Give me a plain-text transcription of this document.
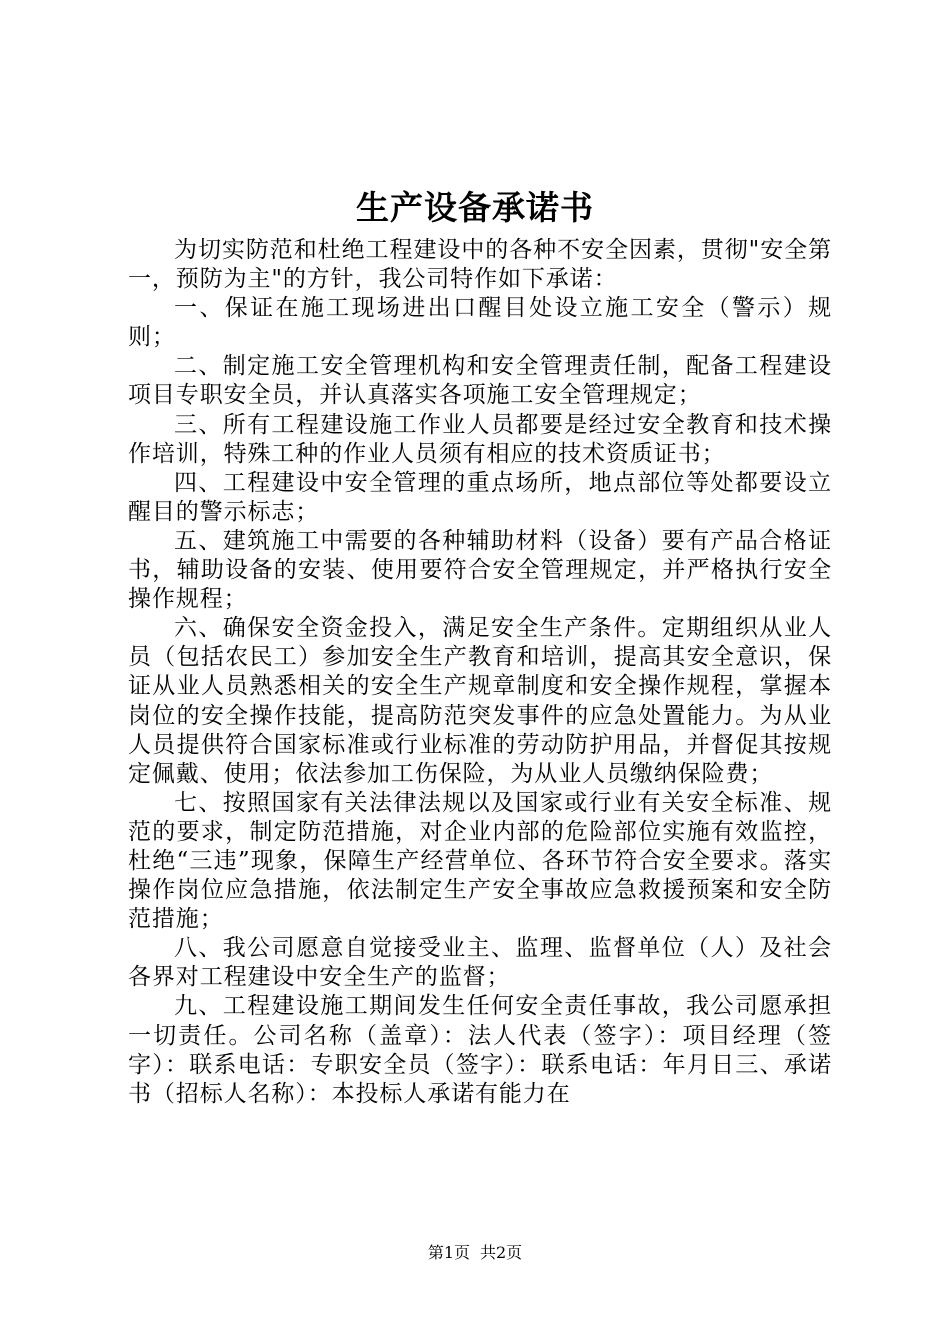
生产设备承诺书

为切实防范和杜绝工程建设中的各种不安全因素，贯彻"安全第一，预防为主"的方针，我公司特作如下承诺：

一、保证在施工现场进出口醒目处设立施工安全（警示）规则；

二、制定施工安全管理机构和安全管理责任制，配备工程建设项目专职安全员，并认真落实各项施工安全管理规定；

三、所有工程建设施工作业人员都要是经过安全教育和技术操作培训，特殊工种的作业人员须有相应的技术资质证书；

四、工程建设中安全管理的重点场所，地点部位等处都要设立醒目的警示标志；

五、建筑施工中需要的各种辅助材料（设备）要有产品合格证书，辅助设备的安装、使用要符合安全管理规定，并严格执行安全操作规程；

六、确保安全资金投入，满足安全生产条件。定期组织从业人员（包括农民工）参加安全生产教育和培训，提高其安全意识，保证从业人员熟悉相关的安全生产规章制度和安全操作规程，掌握本岗位的安全操作技能，提高防范突发事件的应急处置能力。为从业人员提供符合国家标准或行业标准的劳动防护用品，并督促其按规定佩戴、使用；依法参加工伤保险，为从业人员缴纳保险费；

七、按照国家有关法律法规以及国家或行业有关安全标准、规范的要求，制定防范措施，对企业内部的危险部位实施有效监控，杜绝“三违”现象，保障生产经营单位、各环节符合安全要求。落实操作岗位应急措施，依法制定生产安全事故应急救援预案和安全防范措施；

八、我公司愿意自觉接受业主、监理、监督单位（人）及社会各界对工程建设中安全生产的监督；

九、工程建设施工期间发生任何安全责任事故，我公司愿承担一切责任。公司名称（盖章）：法人代表（签字）：项目经理（签字）：联系电话：专职安全员（签字）：联系电话：年月日三、承诺书（招标人名称）：本投标人承诺有能力在

第1页 共2页
